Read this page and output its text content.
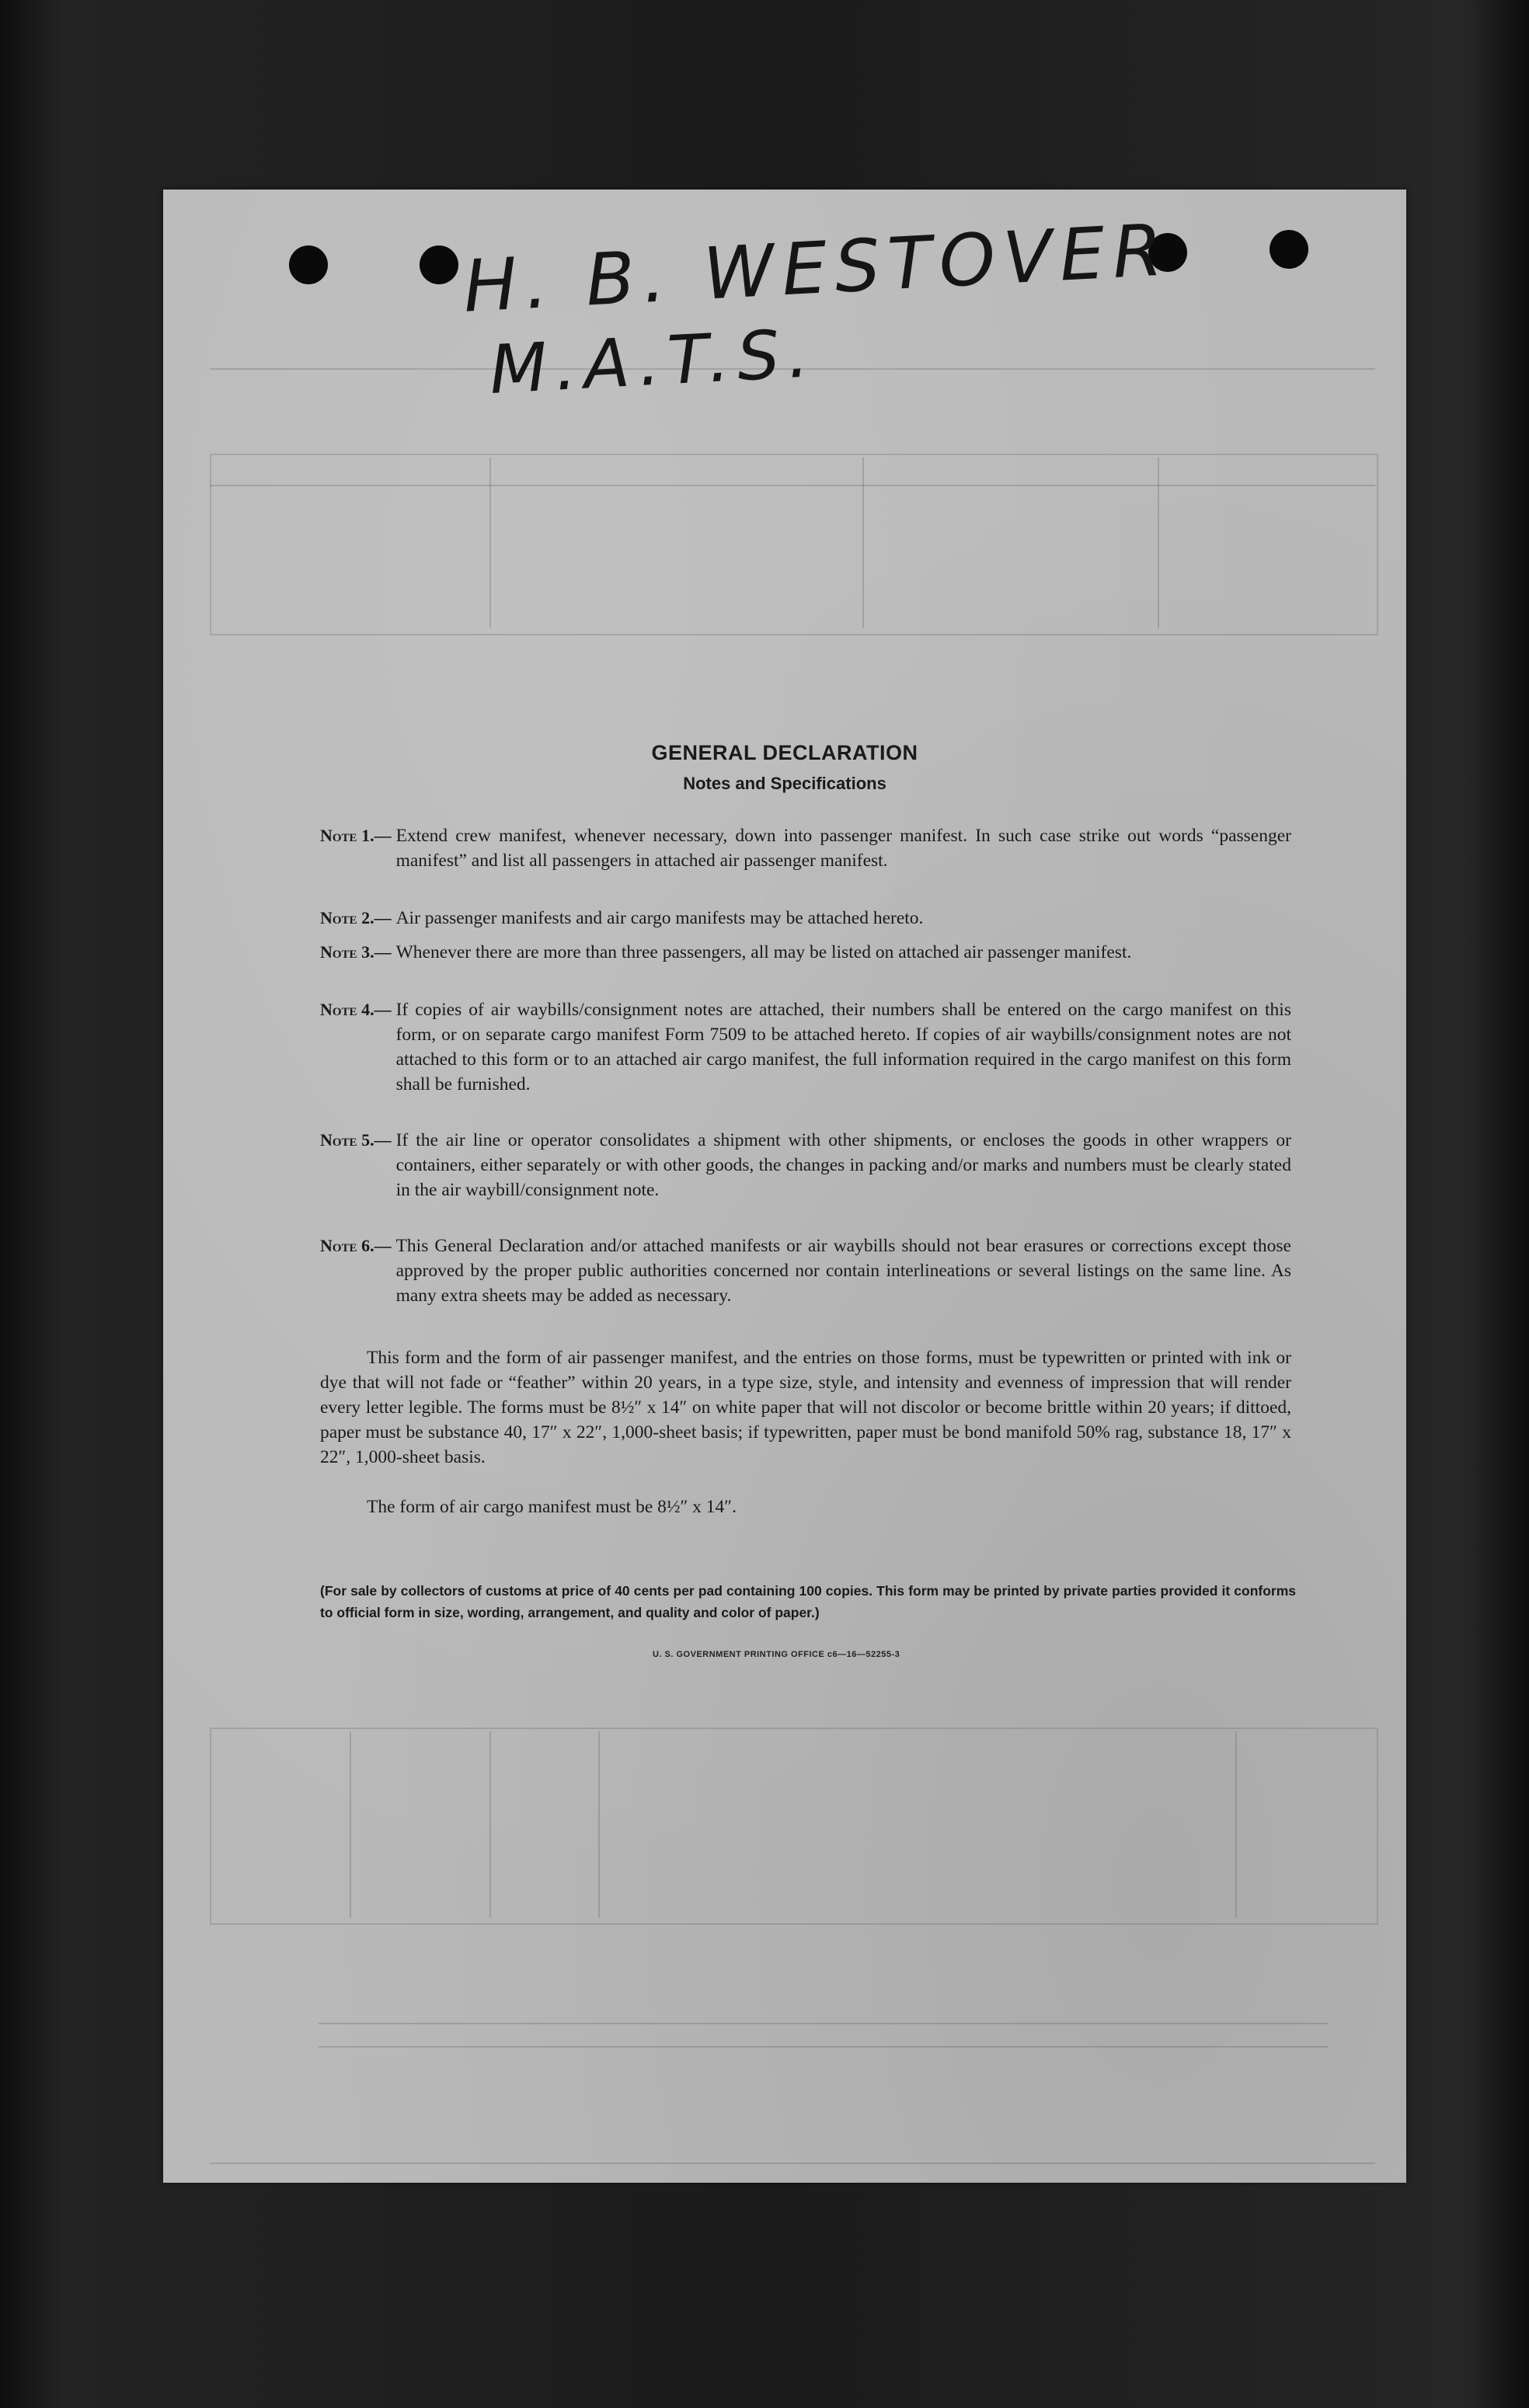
H. B. WESTOVER
M.A.T.S.
GENERAL DECLARATION
Notes and Specifications
Note 1.— Extend crew manifest, whenever necessary, down into passenger manifest. In such case strike out words “passenger manifest” and list all passengers in attached air passenger manifest.
Note 2.— Air passenger manifests and air cargo manifests may be attached hereto.
Note 3.— Whenever there are more than three passengers, all may be listed on attached air passenger manifest.
Note 4.— If copies of air waybills/consignment notes are attached, their numbers shall be entered on the cargo manifest on this form, or on separate cargo manifest Form 7509 to be attached hereto. If copies of air waybills/consignment notes are not attached to this form or to an attached air cargo manifest, the full information required in the cargo manifest on this form shall be furnished.
Note 5.— If the air line or operator consolidates a shipment with other shipments, or encloses the goods in other wrappers or containers, either separately or with other goods, the changes in packing and/or marks and numbers must be clearly stated in the air waybill/consignment note.
Note 6.— This General Declaration and/or attached manifests or air waybills should not bear erasures or corrections except those approved by the proper public authorities concerned nor contain interlineations or several listings on the same line. As many extra sheets may be added as necessary.
This form and the form of air passenger manifest, and the entries on those forms, must be typewritten or printed with ink or dye that will not fade or “feather” within 20 years, in a type size, style, and intensity and evenness of impression that will render every letter legible. The forms must be 8½″ x 14″ on white paper that will not discolor or become brittle within 20 years; if dittoed, paper must be substance 40, 17″ x 22″, 1,000-sheet basis; if typewritten, paper must be bond manifold 50% rag, substance 18, 17″ x 22″, 1,000-sheet basis.
The form of air cargo manifest must be 8½″ x 14″.
(For sale by collectors of customs at price of 40 cents per pad containing 100 copies. This form may be printed by private parties provided it conforms to official form in size, wording, arrangement, and quality and color of paper.)
U. S. GOVERNMENT PRINTING OFFICE c6—16—52255-3
